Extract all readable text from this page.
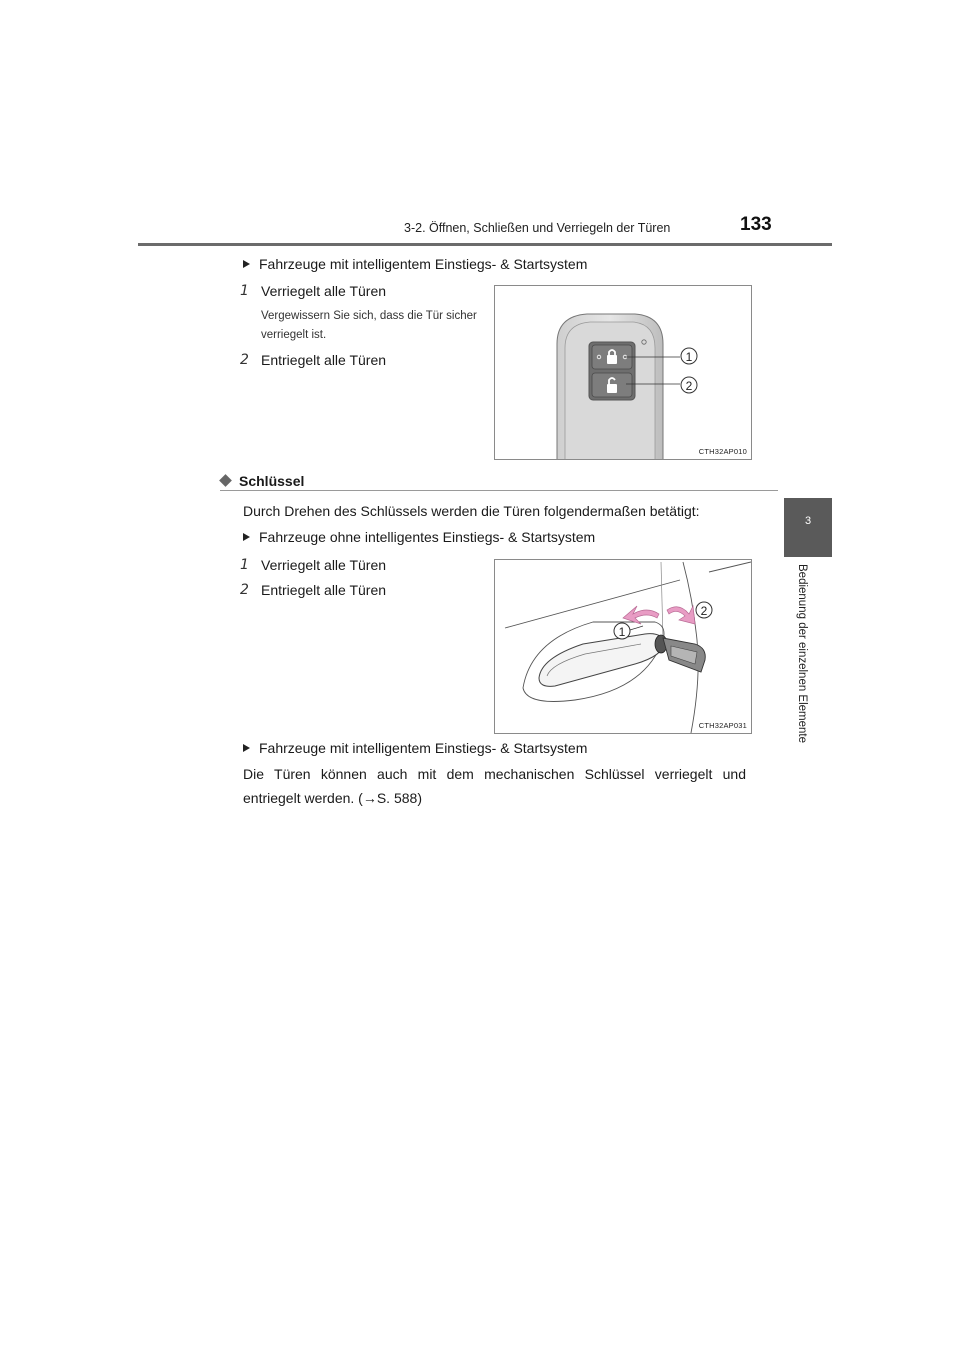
3-2. Öffnen, Schließen und Verriegeln der Türen	133
3
Bedienung der einzelnen Elemente
Fahrzeuge mit intelligentem Einstiegs- & Startsystem
1 Verriegelt alle Türen
Vergewissern Sie sich, dass die Tür sicher verriegelt ist.
2 Entriegelt alle Türen	1
2
CTH32AP010
Schlüssel
Durch Drehen des Schlüssels werden die Türen folgendermaßen betätigt:
Fahrzeuge ohne intelligentes Einstiegs- & Startsystem
1 Verriegelt alle Türen
2 Entriegelt alle Türen
1
2
CTH32AP031
Fahrzeuge mit intelligentem Einstiegs- & Startsystem
Die Türen können auch mit dem mechanischen Schlüssel verriegelt und entriegelt werden. (→S. 588)
